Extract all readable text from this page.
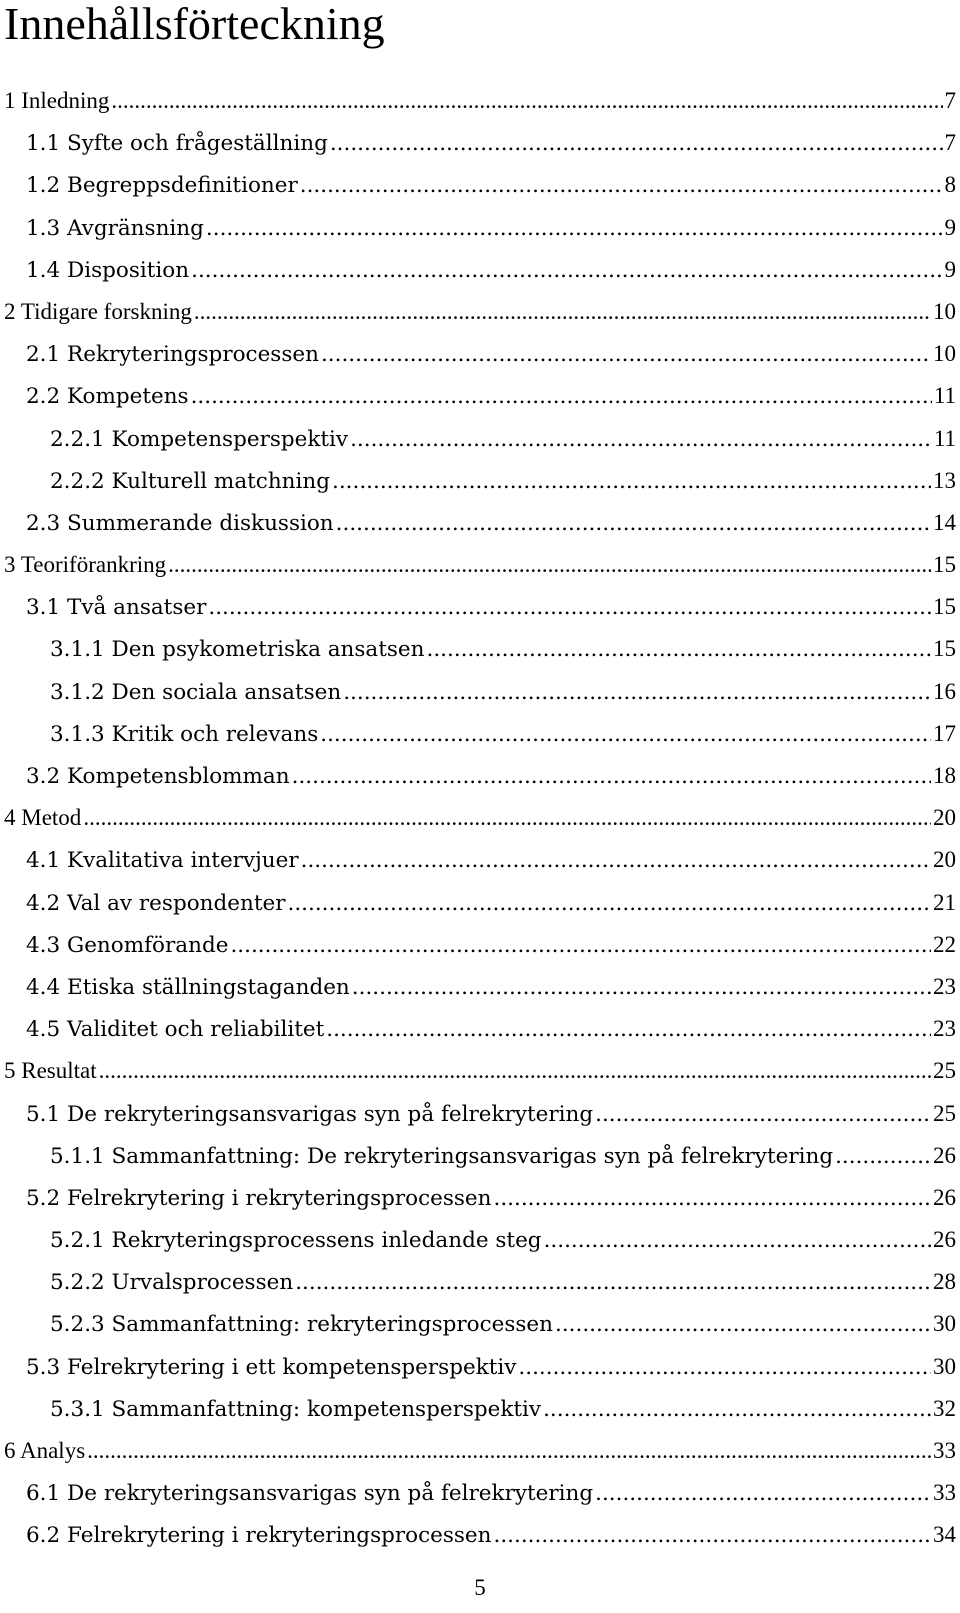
Innehållsförteckning
1 Inledning .....	7
1.1 Syfte och frågeställning .....	7
1.2 Begreppsdefinitioner .....	8
1.3 Avgränsning .....	9
1.4 Disposition .....	9
2 Tidigare forskning .....	10
2.1 Rekryteringsprocessen .....	10
2.2 Kompetens .....	11
2.2.1 Kompetensperspektiv .....	11
2.2.2 Kulturell matchning .....	13
2.3 Summerande diskussion .....	14
3 Teoriförankring .....	15
3.1 Två ansatser .....	15
3.1.1 Den psykometriska ansatsen .....	15
3.1.2 Den sociala ansatsen .....	16
3.1.3 Kritik och relevans .....	17
3.2 Kompetensblomman .....	18
4 Metod .....	20
4.1 Kvalitativa intervjuer .....	20
4.2 Val av respondenter .....	21
4.3 Genomförande .....	22
4.4 Etiska ställningstaganden .....	23
4.5 Validitet och reliabilitet .....	23
5 Resultat .....	25
5.1 De rekryteringsansvarigas syn på felrekrytering .....	25
5.1.1 Sammanfattning: De rekryteringsansvarigas syn på felrekrytering .....	26
5.2 Felrekrytering i rekryteringsprocessen .....	26
5.2.1 Rekryteringsprocessens inledande steg .....	26
5.2.2 Urvalsprocessen .....	28
5.2.3 Sammanfattning: rekryteringsprocessen .....	30
5.3 Felrekrytering i ett kompetensperspektiv .....	30
5.3.1 Sammanfattning: kompetensperspektiv .....	32
6 Analys .....	33
6.1 De rekryteringsansvarigas syn på felrekrytering .....	33
6.2 Felrekrytering i rekryteringsprocessen .....	34
5
